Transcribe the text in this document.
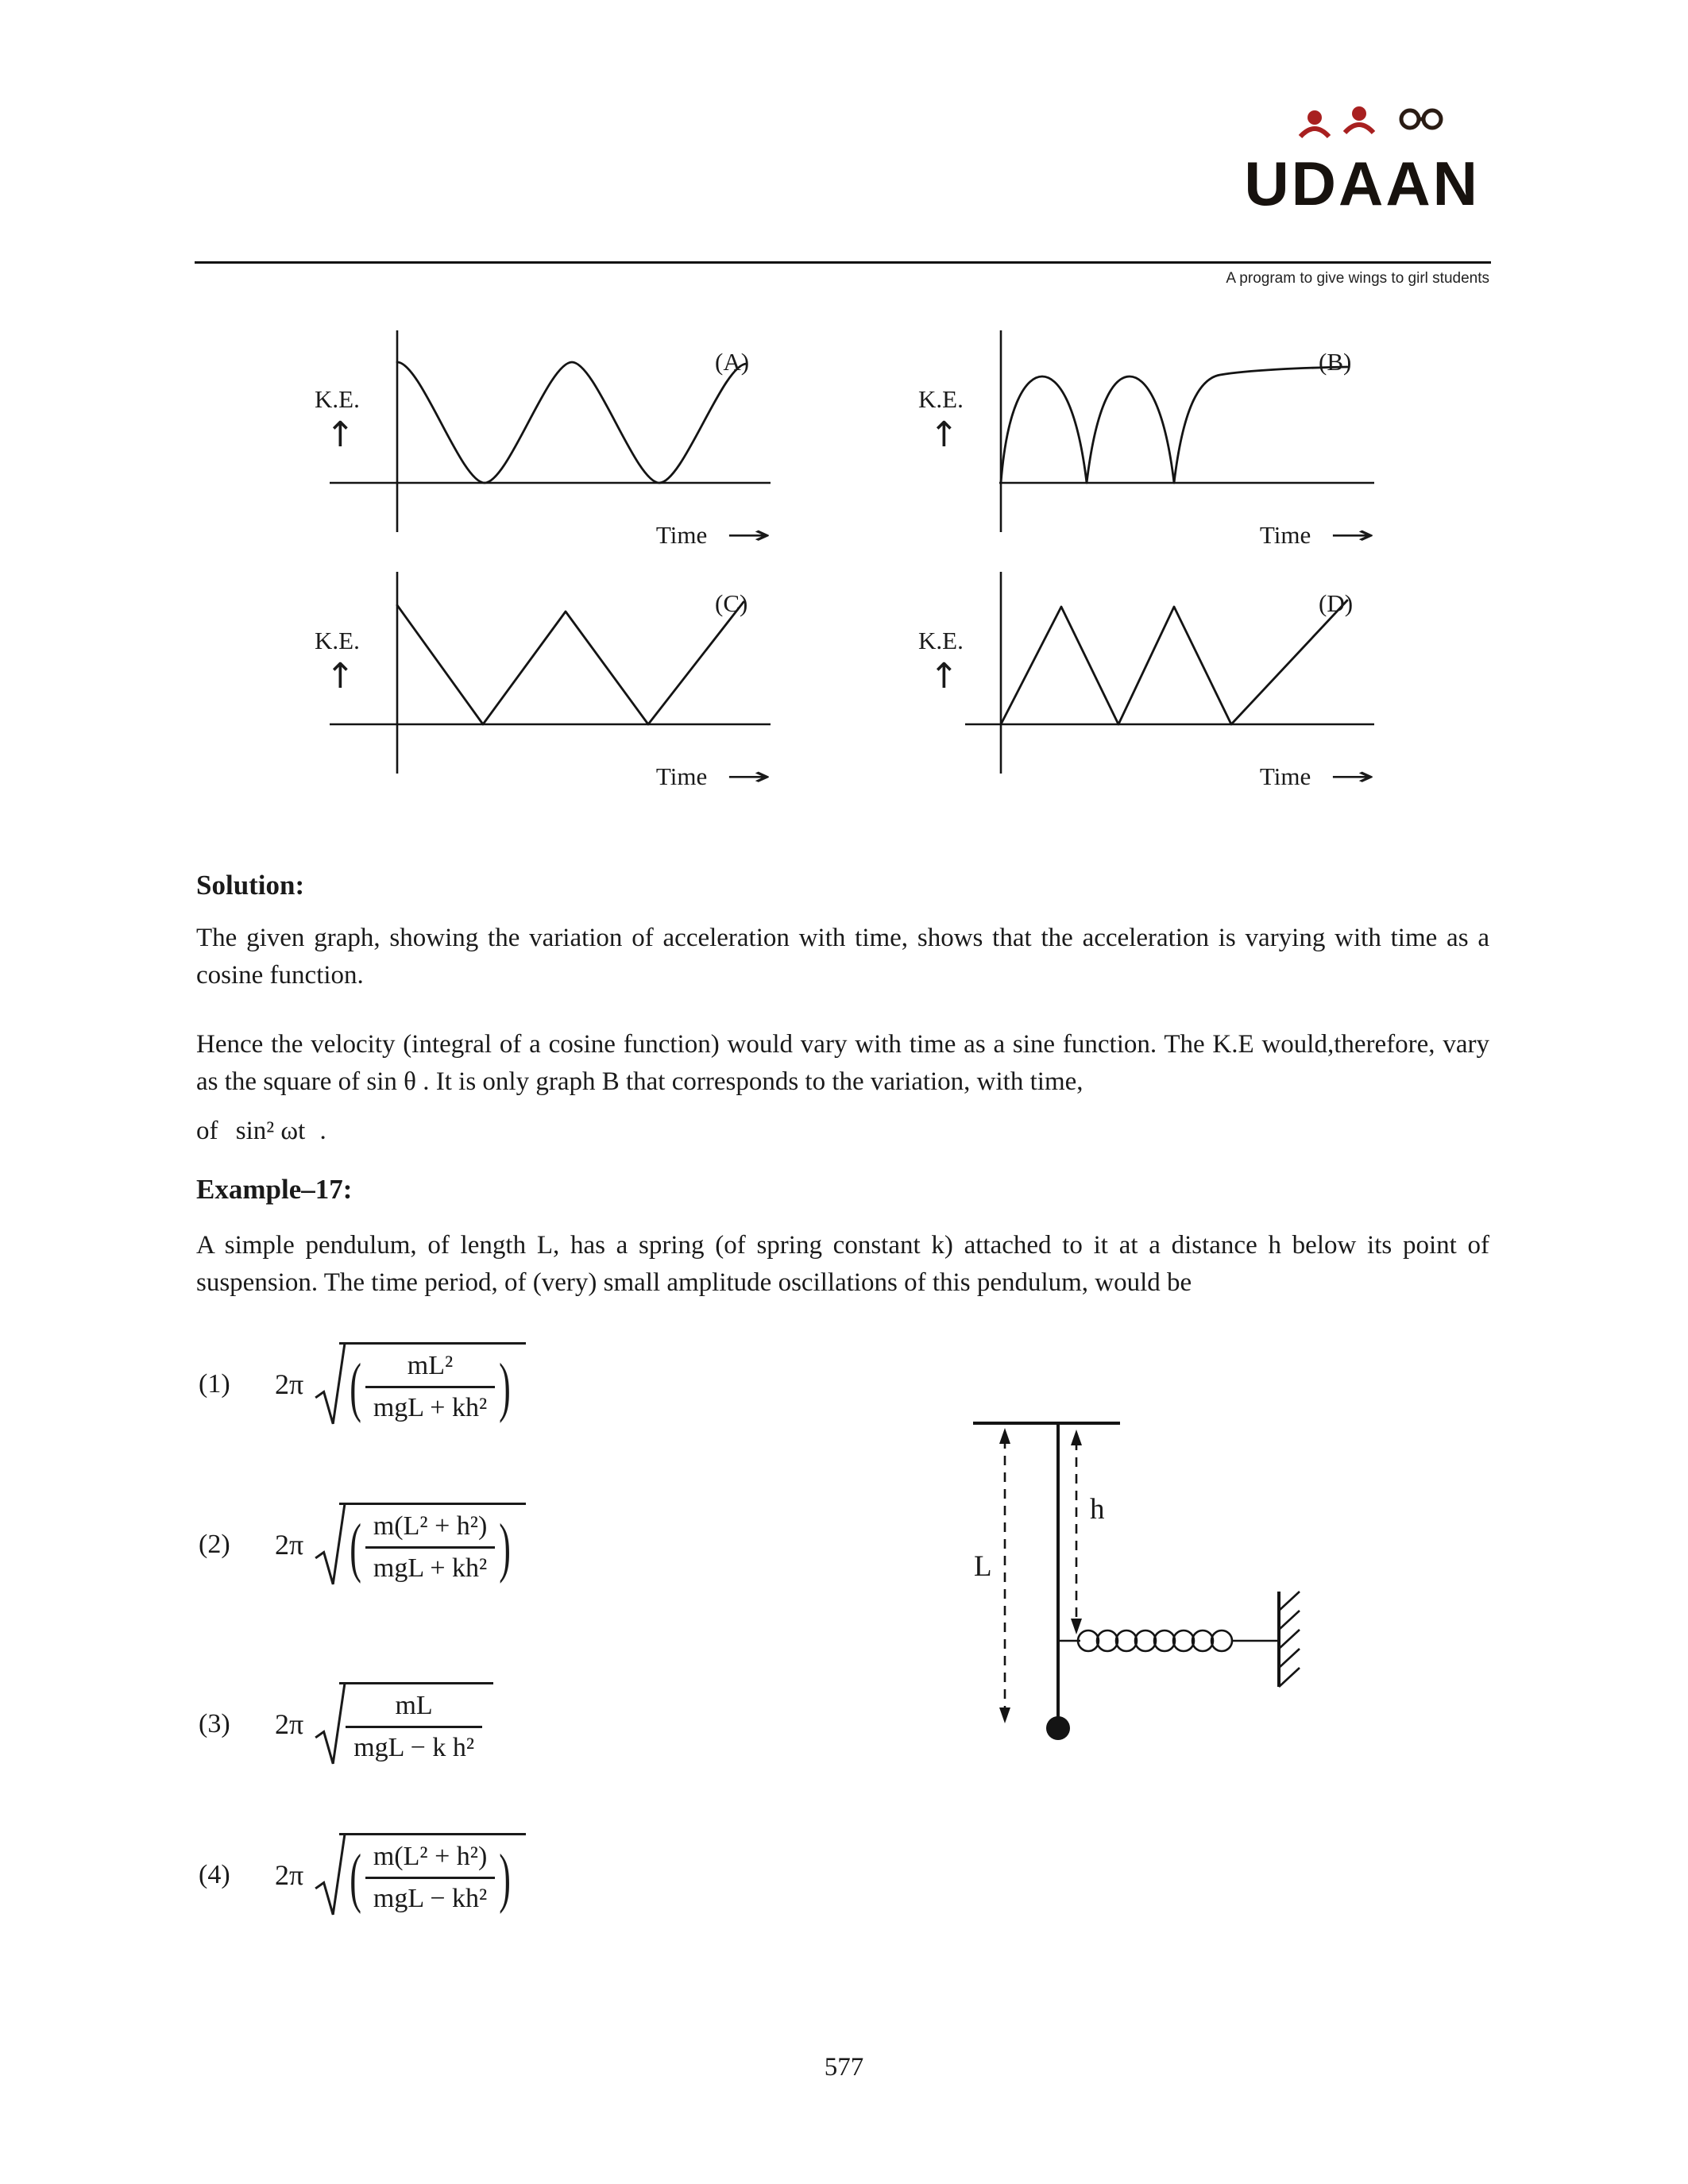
UDAAN
A program to give wings to girl students
K.E.
↑
(A)
Time →
K.E.
↑
(B)
Time →
K.E.
↑
(C)
Time →
K.E.
↑
(D)
Time →
Solution:
The given graph, showing the variation of acceleration with time, shows that the acceleration is varying with time as a cosine function.
Hence the velocity (integral of a cosine function) would vary with time as a sine function. The K.E would,therefore, vary as the square of sin θ . It is only graph B that corresponds to the variation, with time,
of sin² ωt .
Example–17:
A simple pendulum, of length L, has a spring (of spring constant k) attached to it at a distance h below its point of suspension. The time period, of (very) small amplitude oscillations of this pendulum, would be
(1)	2π ( $\frac{\text{mL²}}{\text{mgL + kh²}}$ )
(2)	2π ( $\frac{\text{m(L² + h²)}}{\text{mgL + kh²}}$ )
(3)	$2\pi \frac{mL}{\text{mgL − k h²}}$
(4)	2π ( $\frac{\text{m(L² + h²)}}{\text{mgL − kh²}}$ )
L
h
577
